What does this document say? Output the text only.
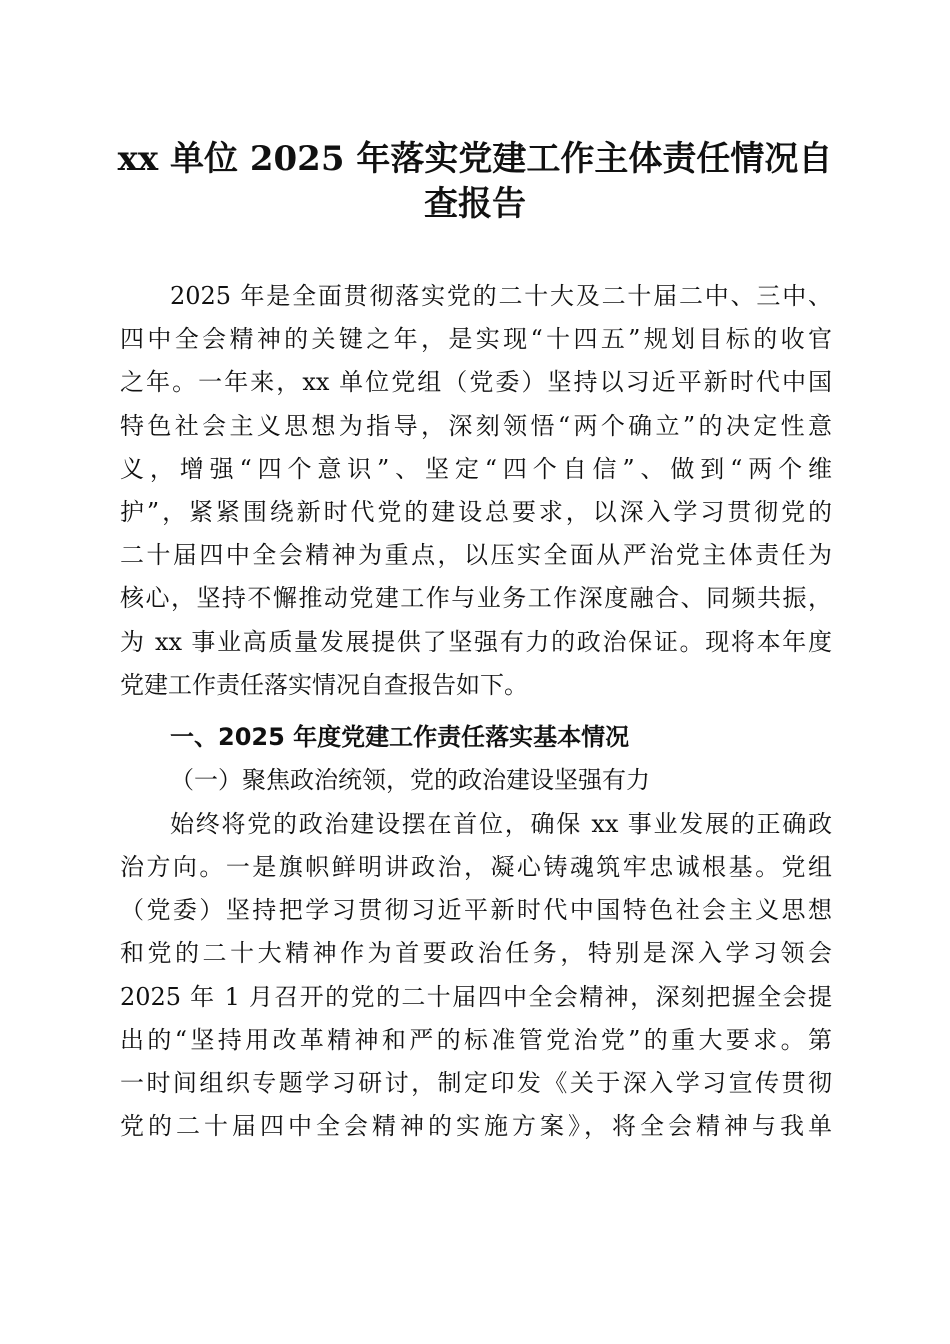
xx 单位 2025 年落实党建工作主体责任情况自
查报告
2025 年是全面贯彻落实党的二十大及二十届二中、三中、
四中全会精神的关键之年，是实现“十四五”规划目标的收官
之年。一年来，xx 单位党组（党委）坚持以习近平新时代中国
特色社会主义思想为指导，深刻领悟“两个确立”的决定性意
义，增强“四个意识”、坚定“四个自信”、做到“两个维
护”，紧紧围绕新时代党的建设总要求，以深入学习贯彻党的
二十届四中全会精神为重点，以压实全面从严治党主体责任为
核心，坚持不懈推动党建工作与业务工作深度融合、同频共振，
为 xx 事业高质量发展提供了坚强有力的政治保证。现将本年度
党建工作责任落实情况自查报告如下。
一、2025 年度党建工作责任落实基本情况
（一）聚焦政治统领，党的政治建设坚强有力
始终将党的政治建设摆在首位，确保 xx 事业发展的正确政
治方向。一是旗帜鲜明讲政治，凝心铸魂筑牢忠诚根基。党组
（党委）坚持把学习贯彻习近平新时代中国特色社会主义思想
和党的二十大精神作为首要政治任务，特别是深入学习领会
2025 年 1 月召开的党的二十届四中全会精神，深刻把握全会提
出的“坚持用改革精神和严的标准管党治党”的重大要求。第
一时间组织专题学习研讨，制定印发《关于深入学习宣传贯彻
党的二十届四中全会精神的实施方案》，将全会精神与我单
